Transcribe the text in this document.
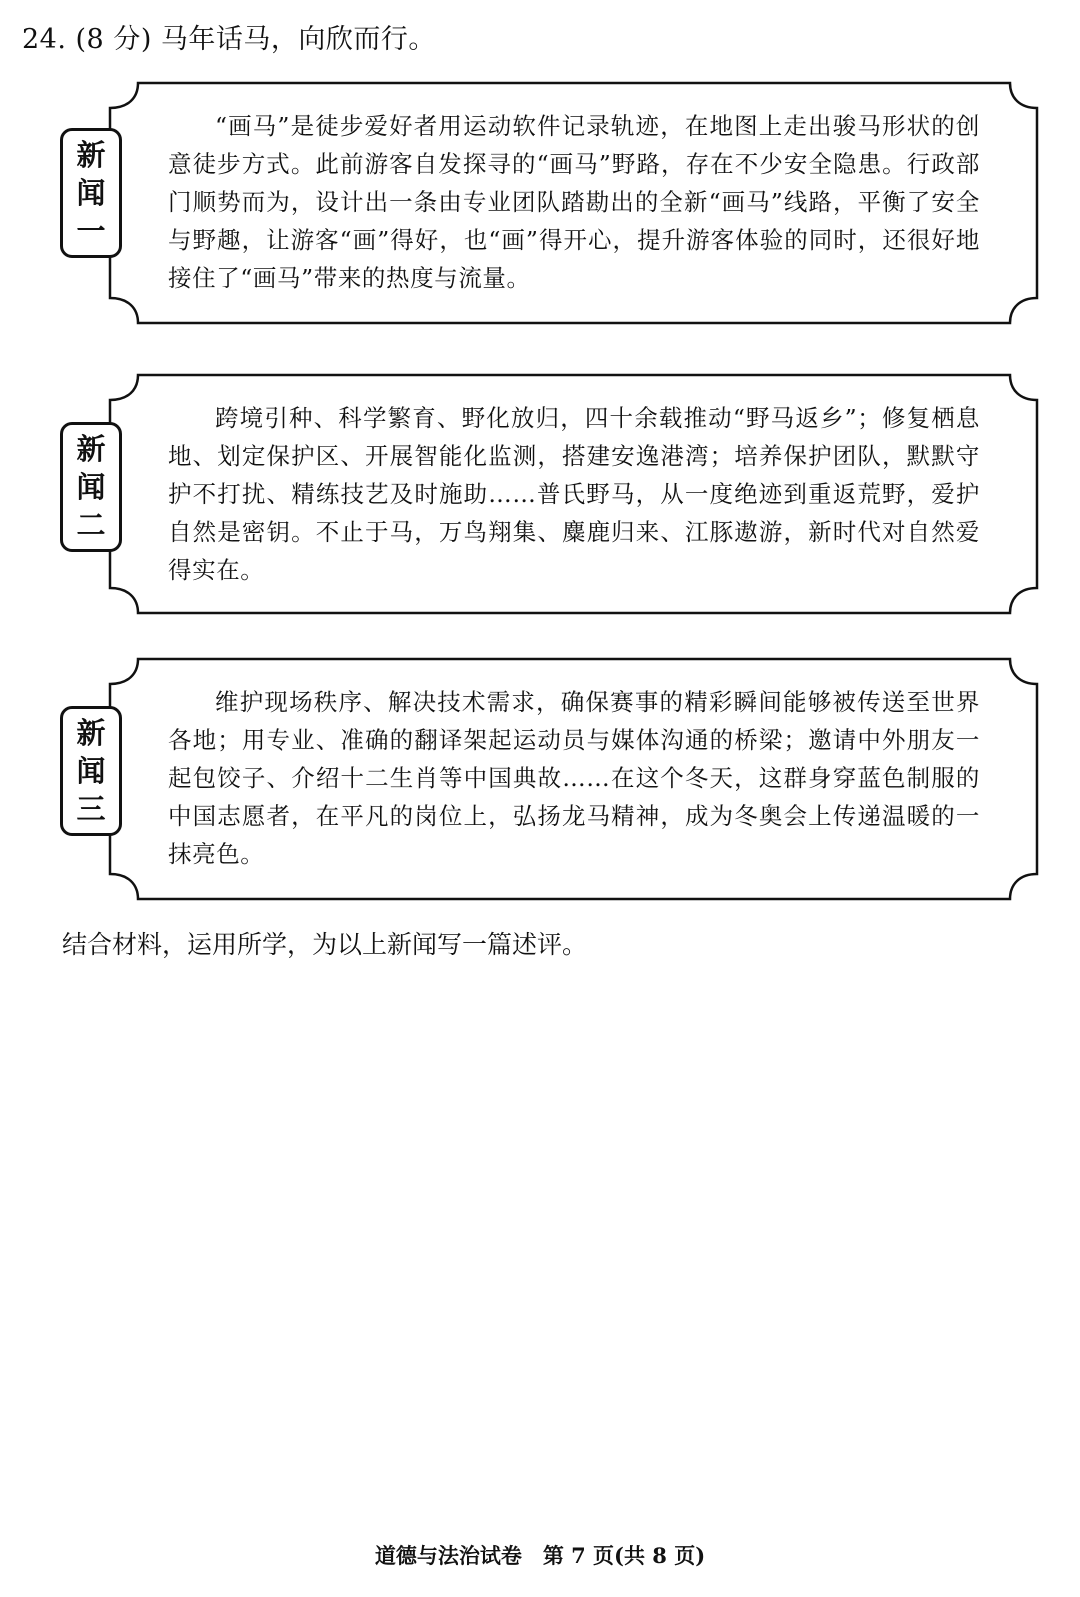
24. (8 分) 马年话马，向欣而行。
新
闻
一

“画马”是徒步爱好者用运动软件记录轨迹，在地图上走出骏马形状的创意徒步方式。此前游客自发探寻的“画马”野路，存在不少安全隐患。行政部门顺势而为，设计出一条由专业团队踏勘出的全新“画马”线路，平衡了安全与野趣，让游客“画”得好，也“画”得开心，提升游客体验的同时，还很好地接住了“画马”带来的热度与流量。

新
闻
二

跨境引种、科学繁育、野化放归，四十余载推动“野马返乡”；修复栖息地、划定保护区、开展智能化监测，搭建安逸港湾；培养保护团队，默默守护不打扰、精练技艺及时施助……普氏野马，从一度绝迹到重返荒野，爱护自然是密钥。不止于马，万鸟翔集、麋鹿归来、江豚遨游，新时代对自然爱得实在。

新
闻
三

维护现场秩序、解决技术需求，确保赛事的精彩瞬间能够被传送至世界各地；用专业、准确的翻译架起运动员与媒体沟通的桥梁；邀请中外朋友一起包饺子、介绍十二生肖等中国典故……在这个冬天，这群身穿蓝色制服的中国志愿者，在平凡的岗位上，弘扬龙马精神，成为冬奥会上传递温暖的一抹亮色。

结合材料，运用所学，为以上新闻写一篇述评。
道德与法治试卷　第 7 页(共 8 页)
